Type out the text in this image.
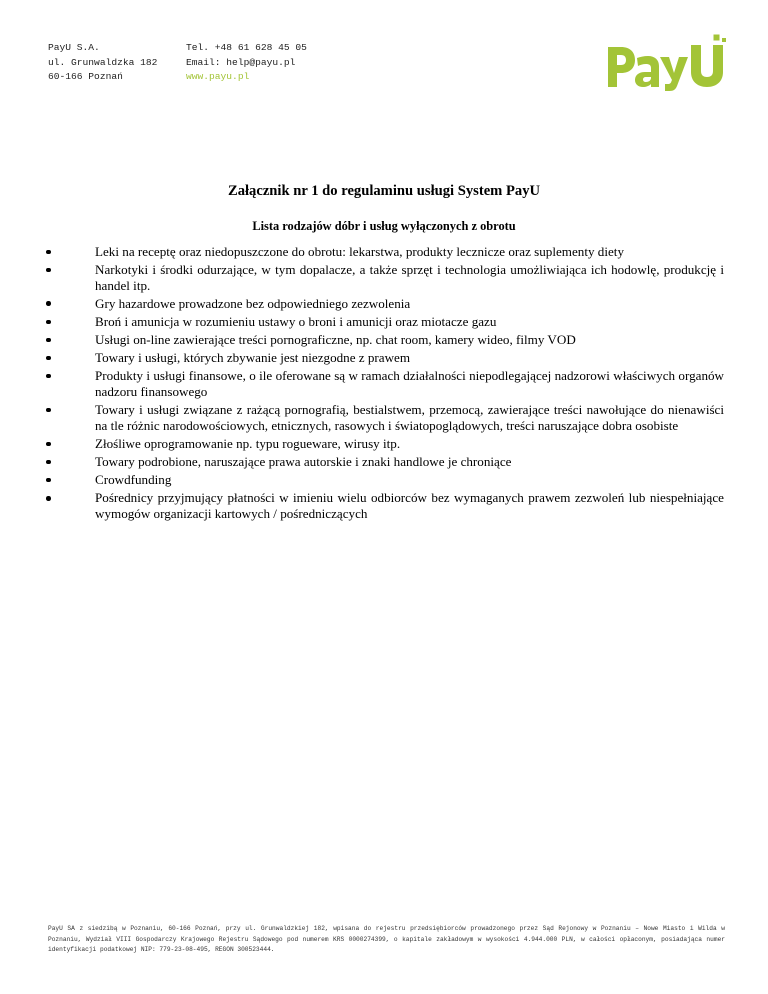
PayU S.A.
ul. Grunwaldzka 182
60-166 Poznań
Tel. +48 61 628 45 05
Email: help@payu.pl
www.payu.pl
Załącznik nr 1 do regulaminu usługi System PayU
Lista rodzajów dóbr i usług wyłączonych z obrotu
Leki na receptę oraz niedopuszczone do obrotu: lekarstwa, produkty lecznicze oraz suplementy diety
Narkotyki i środki odurzające, w tym dopalacze, a także sprzęt i technologia umożliwiająca ich hodowlę, produkcję i handel itp.
Gry hazardowe prowadzone bez odpowiedniego zezwolenia
Broń i amunicja w rozumieniu ustawy o broni i amunicji oraz miotacze gazu
Usługi on-line zawierające treści pornograficzne, np. chat room, kamery wideo, filmy VOD
Towary i usługi, których zbywanie jest niezgodne z prawem
Produkty i usługi finansowe, o ile oferowane są w ramach działalności niepodlegającej nadzorowi właściwych organów nadzoru finansowego
Towary i usługi związane z rażącą pornografią, bestialstwem, przemocą, zawierające treści nawołujące do nienawiści na tle różnic narodowościowych, etnicznych, rasowych i światopoglądowych, treści naruszające dobra osobiste
Złośliwe oprogramowanie np. typu rogueware, wirusy itp.
Towary podrobione, naruszające prawa autorskie i znaki handlowe je chroniące
Crowdfunding
Pośrednicy przyjmujący płatności w imieniu wielu odbiorców bez wymaganych prawem zezwoleń lub niespełniające wymogów organizacji kartowych / pośredniczących
PayU SA z siedzibą w Poznaniu, 60-166 Poznań, przy ul. Grunwaldzkiej 182, wpisana do rejestru przedsiębiorców prowadzonego przez Sąd Rejonowy w Poznaniu – Nowe Miasto i Wilda w Poznaniu, Wydział VIII Gospodarczy Krajowego Rejestru Sądowego pod numerem KRS 0000274399, o kapitale zakładowym w wysokości 4.944.000 PLN, w całości opłaconym, posiadająca numer identyfikacji podatkowej NIP: 779-23-08-495, REGON 300523444.
